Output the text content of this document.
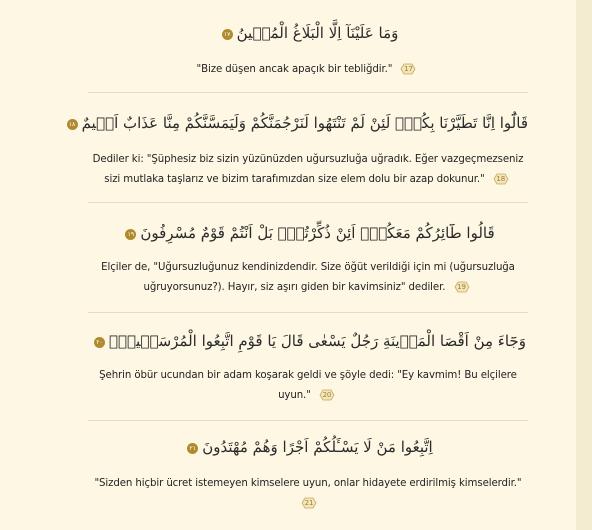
وَمَا عَلَيْنَآ اِلَّا الْبَلَاغُ الْمُب۪ينُ١٧
"Bize düşen ancak apaçık bir tebliğdir."	17
قَالُٓوا اِنَّا تَطَيَّرْنَا بِكُمْۚ لَئِنْ لَمْ تَنْتَهُوا لَنَرْجُمَنَّكُمْ وَلَيَمَسَّنَّكُمْ مِنَّا عَذَابٌ اَل۪يمٌ١٨
Dediler ki: "Şüphesiz biz sizin yüzünüzden uğursuzluğa uğradık. Eğer vazgeçmezseniz
sizi mutlaka taşlarız ve bizim tarafımızdan size elem dolu bir azap dokunur."	18
قَالُوا طَٓائِرُكُمْ مَعَكُمْۜ اَئِنْ ذُكِّرْتُمْۜ بَلْ اَنْتُمْ قَوْمٌ مُسْرِفُونَ١٩
Elçiler de, "Uğursuzluğunuz kendinizdendir. Size öğüt verildiği için mi (uğursuzluğa
uğruyorsunuz?). Hayır, siz aşırı giden bir kavimsiniz" dediler.	19
وَجَٓاءَ مِنْ اَقْصَا الْمَد۪ينَةِ رَجُلٌ يَسْعٰى قَالَ يَا قَوْمِ اتَّبِعُوا الْمُرْسَل۪ينَۙ٢٠
Şehrin öbür ucundan bir adam koşarak geldi ve şöyle dedi: "Ey kavmim! Bu elçilere
uyun."	20
اِتَّبِعُوا مَنْ لَا يَسْـَٔلُكُمْ اَجْرًا وَهُمْ مُهْتَدُونَ٢١
"Sizden hiçbir ücret istemeyen kimselere uyun, onlar hidayete erdirilmiş kimselerdir."

21
